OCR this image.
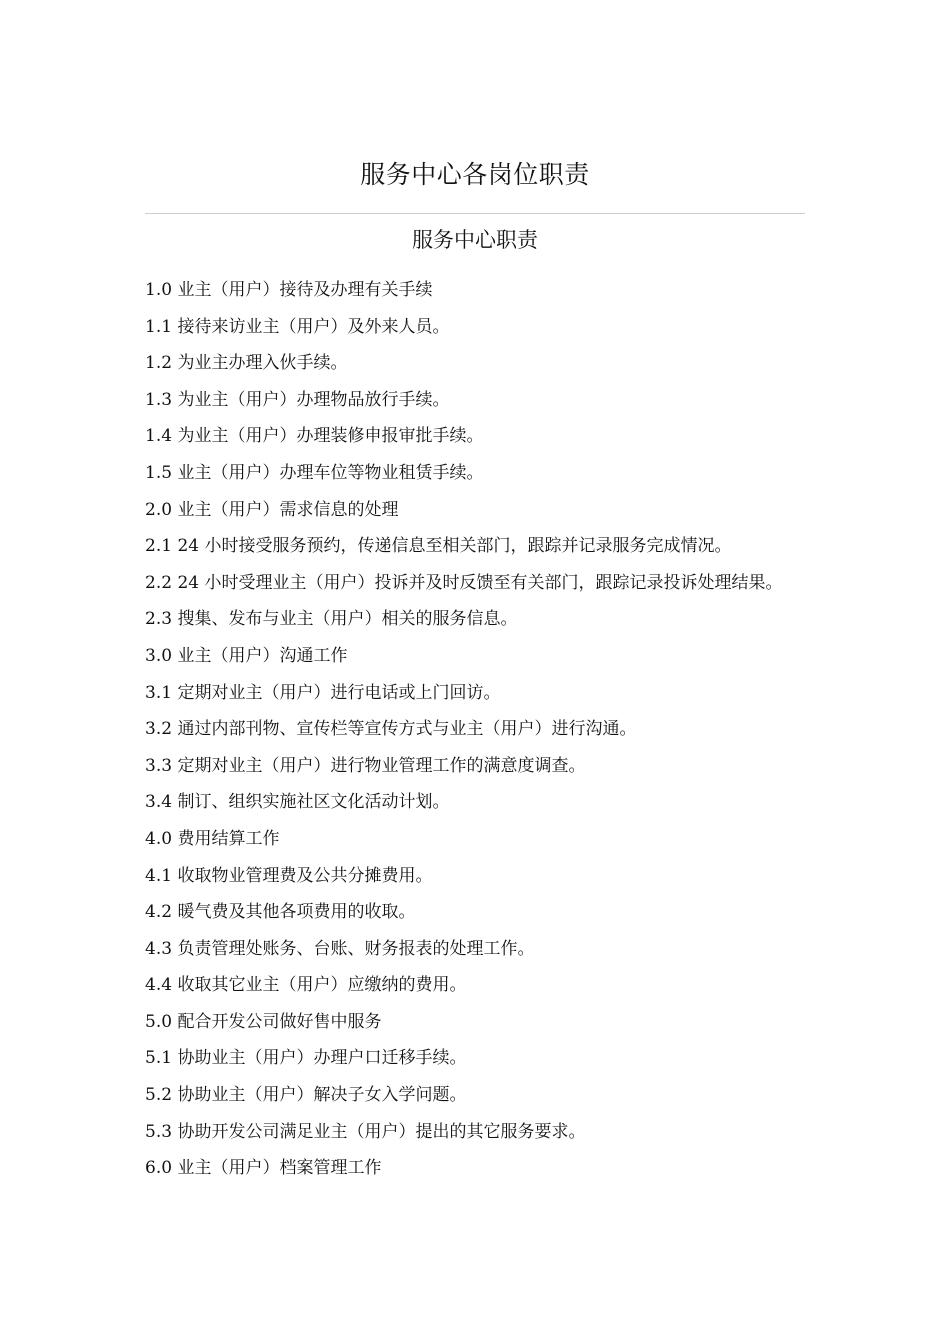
服务中心各岗位职责
服务中心职责

1.0 业主（用户）接待及办理有关手续

1.1 接待来访业主（用户）及外来人员。

1.2 为业主办理入伙手续。

1.3 为业主（用户）办理物品放行手续。

1.4 为业主（用户）办理装修申报审批手续。

1.5 业主（用户）办理车位等物业租赁手续。

2.0 业主（用户）需求信息的处理

2.1 24 小时接受服务预约，传递信息至相关部门，跟踪并记录服务完成情况。

2.2 24 小时受理业主（用户）投诉并及时反馈至有关部门，跟踪记录投诉处理结果。

2.3 搜集、发布与业主（用户）相关的服务信息。

3.0 业主（用户）沟通工作

3.1 定期对业主（用户）进行电话或上门回访。

3.2 通过内部刊物、宣传栏等宣传方式与业主（用户）进行沟通。

3.3 定期对业主（用户）进行物业管理工作的满意度调查。

3.4 制订、组织实施社区文化活动计划。

4.0 费用结算工作

4.1 收取物业管理费及公共分摊费用。

4.2 暖气费及其他各项费用的收取。

4.3 负责管理处账务、台账、财务报表的处理工作。

4.4 收取其它业主（用户）应缴纳的费用。

5.0 配合开发公司做好售中服务

5.1 协助业主（用户）办理户口迁移手续。

5.2 协助业主（用户）解决子女入学问题。

5.3 协助开发公司满足业主（用户）提出的其它服务要求。

6.0 业主（用户）档案管理工作
